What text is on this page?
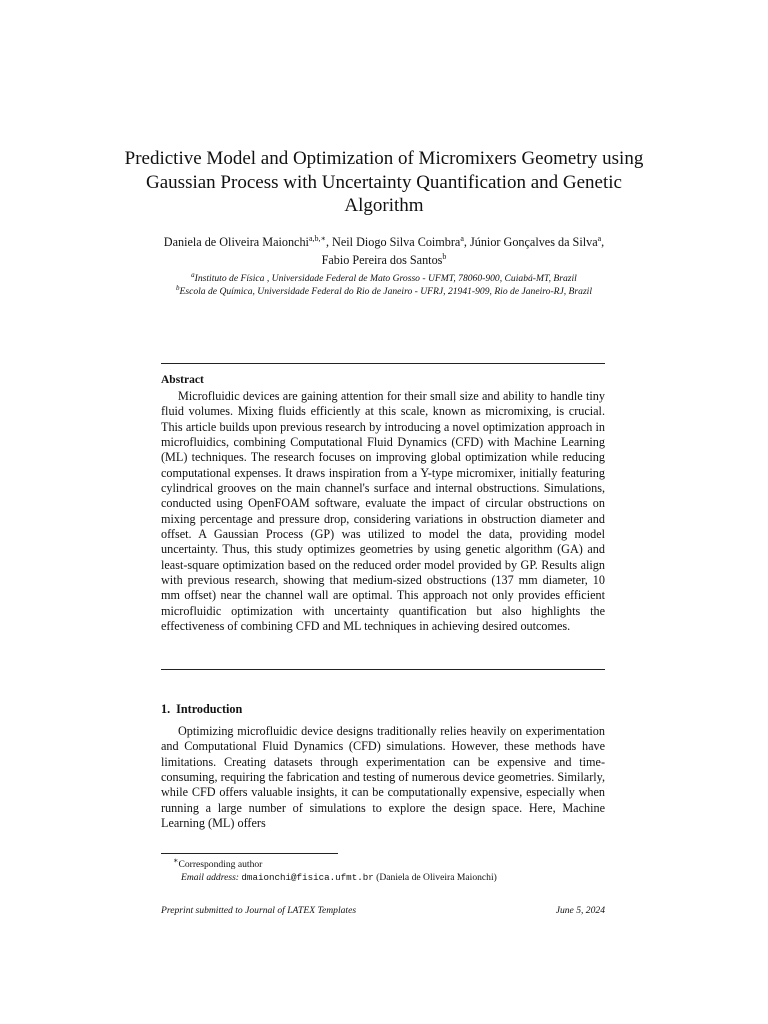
Predictive Model and Optimization of Micromixers Geometry using Gaussian Process with Uncertainty Quantification and Genetic Algorithm
Daniela de Oliveira Maionchi$^{a,b,∗}$, Neil Diogo Silva Coimbra$^a$, Júnior Gonçalves da Silva$^a$, Fabio Pereira dos Santos$^b$
$^a$Instituto de Física , Universidade Federal de Mato Grosso - UFMT, 78060-900, Cuiabá-MT, Brazil
$^b$Escola de Química, Universidade Federal do Rio de Janeiro - UFRJ, 21941-909, Rio de Janeiro-RJ, Brazil
Abstract

Microfluidic devices are gaining attention for their small size and ability to handle tiny fluid volumes. Mixing fluids efficiently at this scale, known as micromixing, is crucial. This article builds upon previous research by introducing a novel optimization approach in microfluidics, combining Computational Fluid Dynamics (CFD) with Machine Learning (ML) techniques. The research focuses on improving global optimization while reducing computational expenses. It draws inspiration from a Y-type micromixer, initially featuring cylindrical grooves on the main channel's surface and internal obstructions. Simulations, conducted using OpenFOAM software, evaluate the impact of circular obstructions on mixing percentage and pressure drop, considering variations in obstruction diameter and offset. A Gaussian Process (GP) was utilized to model the data, providing model uncertainty. Thus, this study optimizes geometries by using genetic algorithm (GA) and least-square optimization based on the reduced order model provided by GP. Results align with previous research, showing that medium-sized obstructions (137 mm diameter, 10 mm offset) near the channel wall are optimal. This approach not only provides efficient microfluidic optimization with uncertainty quantification but also highlights the effectiveness of combining CFD and ML techniques in achieving desired outcomes.

1. Introduction

Optimizing microfluidic device designs traditionally relies heavily on experimentation and Computational Fluid Dynamics (CFD) simulations. However, these methods have limitations. Creating datasets through experimentation can be expensive and time-consuming, requiring the fabrication and testing of numerous device geometries. Similarly, while CFD offers valuable insights, it can be computationally expensive, especially when running a large number of simulations to explore the design space. Here, Machine Learning (ML) offers

∗Corresponding author
Email address: dmaionchi@fisica.ufmt.br (Daniela de Oliveira Maionchi)
Preprint submitted to Journal of LATEX Templates	June 5, 2024
